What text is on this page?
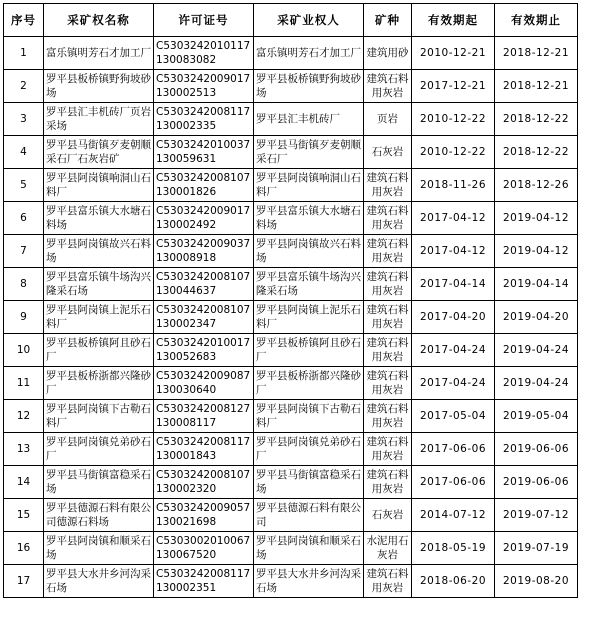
序号	采矿权名称	许可证号	采矿业权人	矿种	有效期起	有效期止
1	富乐镇明芳石才加工厂	C5303242010117130083082	富乐镇明芳石才加工厂	建筑用砂	2010-12-21	2018-12-21
2	罗平县板桥镇野狗坡砂场	C5303242009017130002513	罗平县板桥镇野狗坡砂场	建筑石料用灰岩	2017-12-21	2018-12-21
3	罗平县汇丰机砖厂页岩采场	C5303242008117130002335	罗平县汇丰机砖厂	页岩	2010-12-22	2018-12-22
4	罗平县马街镇歹麦朝顺采石厂石灰岩矿	C5303242010037130059631	罗平县马街镇歹麦朝顺采石厂	石灰岩	2010-12-22	2018-12-22
5	罗平县阿岗镇响洞山石料厂	C5303242008107130001826	罗平县阿岗镇响洞山石料厂	建筑石料用灰岩	2018-11-26	2018-12-26
6	罗平县富乐镇大水塘石料场	C5303242009017130002492	罗平县富乐镇大水塘石料场	建筑石料用灰岩	2017-04-12	2019-04-12
7	罗平县阿岗镇故兴石料场	C5303242009037130008918	罗平县阿岗镇故兴石料场	建筑石料用灰岩	2017-04-12	2019-04-12
8	罗平县富乐镇牛场沟兴隆采石场	C5303242008107130044637	罗平县富乐镇牛场沟兴隆采石场	建筑石料用灰岩	2017-04-14	2019-04-14
9	罗平县阿岗镇上泥乐石料厂	C5303242008107130002347	罗平县阿岗镇上泥乐石料厂	建筑石料用灰岩	2017-04-20	2019-04-20
10	罗平县板桥镇阿且砂石厂	C5303242010017130052683	罗平县板桥镇阿且砂石厂	建筑石料用灰岩	2017-04-24	2019-04-24
11	罗平县板桥浙都兴隆砂厂	C5303242009087130030640	罗平县板桥浙都兴隆砂厂	建筑石料用灰岩	2017-04-24	2019-04-24
12	罗平县阿岗镇下古勒石料厂	C5303242008127130008117	罗平县阿岗镇下古勒石料厂	建筑石料用灰岩	2017-05-04	2019-05-04
13	罗平县阿岗镇兑弟砂石厂	C5303242008117130001843	罗平县阿岗镇兑弟砂石厂	建筑石料用灰岩	2017-06-06	2019-06-06
14	罗平县马街镇富稳采石场	C5303242008107130002320	罗平县马街镇富稳采石场	建筑石料用灰岩	2017-06-06	2019-06-06
15	罗平县德源石料有限公司德源石料场	C5303242009057130021698	罗平县德源石料有限公司	石灰岩	2014-07-12	2019-07-12
16	罗平县阿岗镇和顺采石场	C5303002010067130067520	罗平县阿岗镇和顺采石场	水泥用石灰岩	2018-05-19	2019-07-19
17	罗平县大水井乡河沟采石场	C5303242008117130002351	罗平县大水井乡河沟采石场	建筑石料用灰岩	2018-06-20	2019-08-20
